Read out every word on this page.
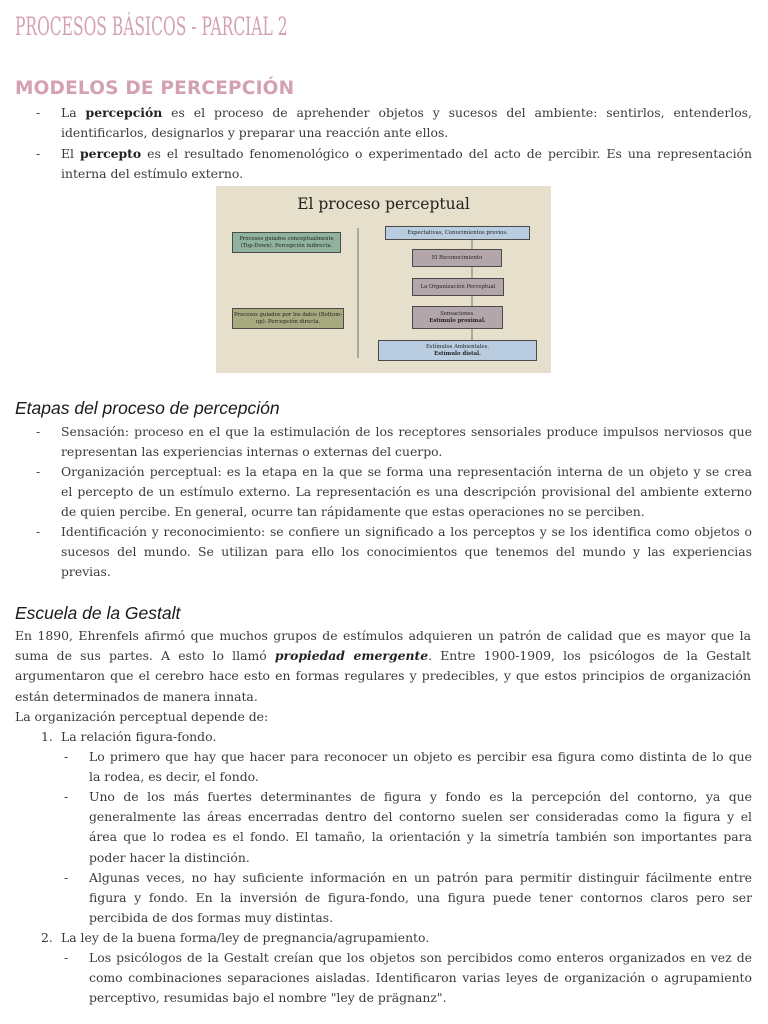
PROCESOS BÁSICOS - PARCIAL 2
MODELOS DE PERCEPCIÓN
- La percepción es el proceso de aprehender objetos y sucesos del ambiente: sentirlos, entenderlos,
identificarlos, designarlos y preparar una reacción ante ellos.
- El percepto es el resultado fenomenológico o experimentado del acto de percibir. Es una representación
interna del estímulo externo.
El proceso perceptual
Procesos guiados conceptualmente (Top-Down). Percepción indirecta.
Procesos guiados por los datos (Bottom-up). Percepción directa.
Expectativas, Conocimientos previos.
El Reconocimiento
La Organización Perceptual
Sensaciones.
Estímulo proximal.
Estímulos Ambientales.
Estímulo distal.
Etapas del proceso de percepción
- Sensación: proceso en el que la estimulación de los receptores sensoriales produce impulsos nerviosos que
representan las experiencias internas o externas del cuerpo.
- Organización perceptual: es la etapa en la que se forma una representación interna de un objeto y se crea
el percepto de un estímulo externo. La representación es una descripción provisional del ambiente externo
de quien percibe. En general, ocurre tan rápidamente que estas operaciones no se perciben.
- Identificación y reconocimiento: se confiere un significado a los perceptos y se los identifica como objetos o
sucesos del mundo. Se utilizan para ello los conocimientos que tenemos del mundo y las experiencias
previas.
Escuela de la Gestalt
En 1890, Ehrenfels afirmó que muchos grupos de estímulos adquieren un patrón de calidad que es mayor que la
suma de sus partes. A esto lo llamó propiedad emergente. Entre 1900-1909, los psicólogos de la Gestalt
argumentaron que el cerebro hace esto en formas regulares y predecibles, y que estos principios de organización
están determinados de manera innata.
La organización perceptual depende de:
1. La relación figura-fondo.
- Lo primero que hay que hacer para reconocer un objeto es percibir esa figura como distinta de lo que
la rodea, es decir, el fondo.
- Uno de los más fuertes determinantes de figura y fondo es la percepción del contorno, ya que
generalmente las áreas encerradas dentro del contorno suelen ser consideradas como la figura y el
área que lo rodea es el fondo. El tamaño, la orientación y la simetría también son importantes para
poder hacer la distinción.
- Algunas veces, no hay suficiente información en un patrón para permitir distinguir fácilmente entre
figura y fondo. En la inversión de figura-fondo, una figura puede tener contornos claros pero ser
percibida de dos formas muy distintas.
2. La ley de la buena forma/ley de pregnancia/agrupamiento.
- Los psicólogos de la Gestalt creían que los objetos son percibidos como enteros organizados en vez de
como combinaciones separaciones aisladas. Identificaron varias leyes de organización o agrupamiento
perceptivo, resumidas bajo el nombre "ley de prägnanz".
